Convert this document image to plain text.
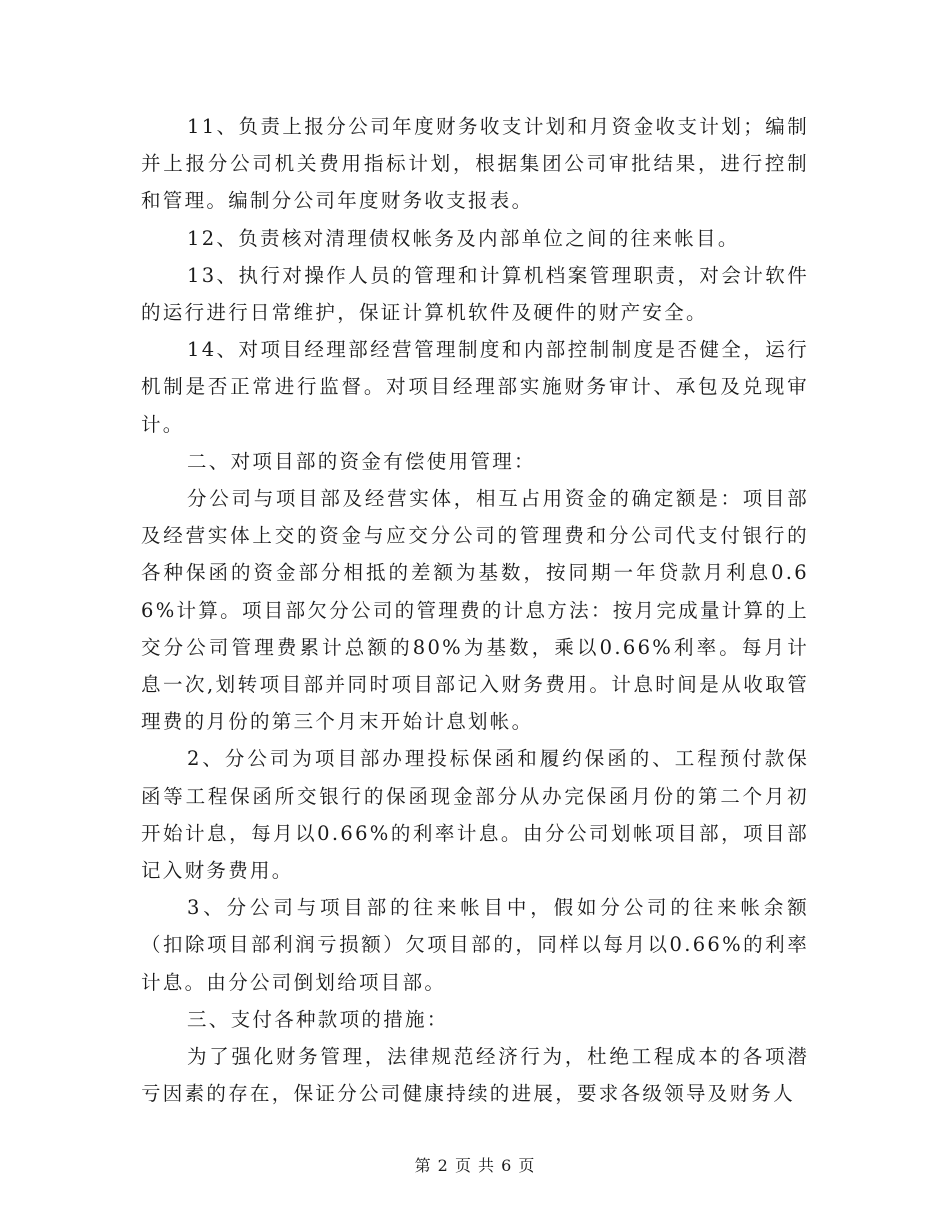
11、负责上报分公司年度财务收支计划和月资金收支计划；编制并上报分公司机关费用指标计划，根据集团公司审批结果，进行控制和管理。编制分公司年度财务收支报表。

12、负责核对清理债权帐务及内部单位之间的往来帐目。

13、执行对操作人员的管理和计算机档案管理职责，对会计软件的运行进行日常维护，保证计算机软件及硬件的财产安全。

14、对项目经理部经营管理制度和内部控制制度是否健全，运行机制是否正常进行监督。对项目经理部实施财务审计、承包及兑现审计。

二、对项目部的资金有偿使用管理：

分公司与项目部及经营实体，相互占用资金的确定额是：项目部及经营实体上交的资金与应交分公司的管理费和分公司代支付银行的各种保函的资金部分相抵的差额为基数，按同期一年贷款月利息0.66%计算。项目部欠分公司的管理费的计息方法：按月完成量计算的上交分公司管理费累计总额的80%为基数，乘以0.66%利率。每月计息一次,划转项目部并同时项目部记入财务费用。计息时间是从收取管理费的月份的第三个月末开始计息划帐。

2、分公司为项目部办理投标保函和履约保函的、工程预付款保函等工程保函所交银行的保函现金部分从办完保函月份的第二个月初开始计息，每月以0.66%的利率计息。由分公司划帐项目部，项目部记入财务费用。

3、分公司与项目部的往来帐目中，假如分公司的往来帐余额（扣除项目部利润亏损额）欠项目部的，同样以每月以0.66%的利率计息。由分公司倒划给项目部。

三、支付各种款项的措施：

为了强化财务管理，法律规范经济行为，杜绝工程成本的各项潜亏因素的存在，保证分公司健康持续的进展，要求各级领导及财务人

第 2 页 共 6 页
